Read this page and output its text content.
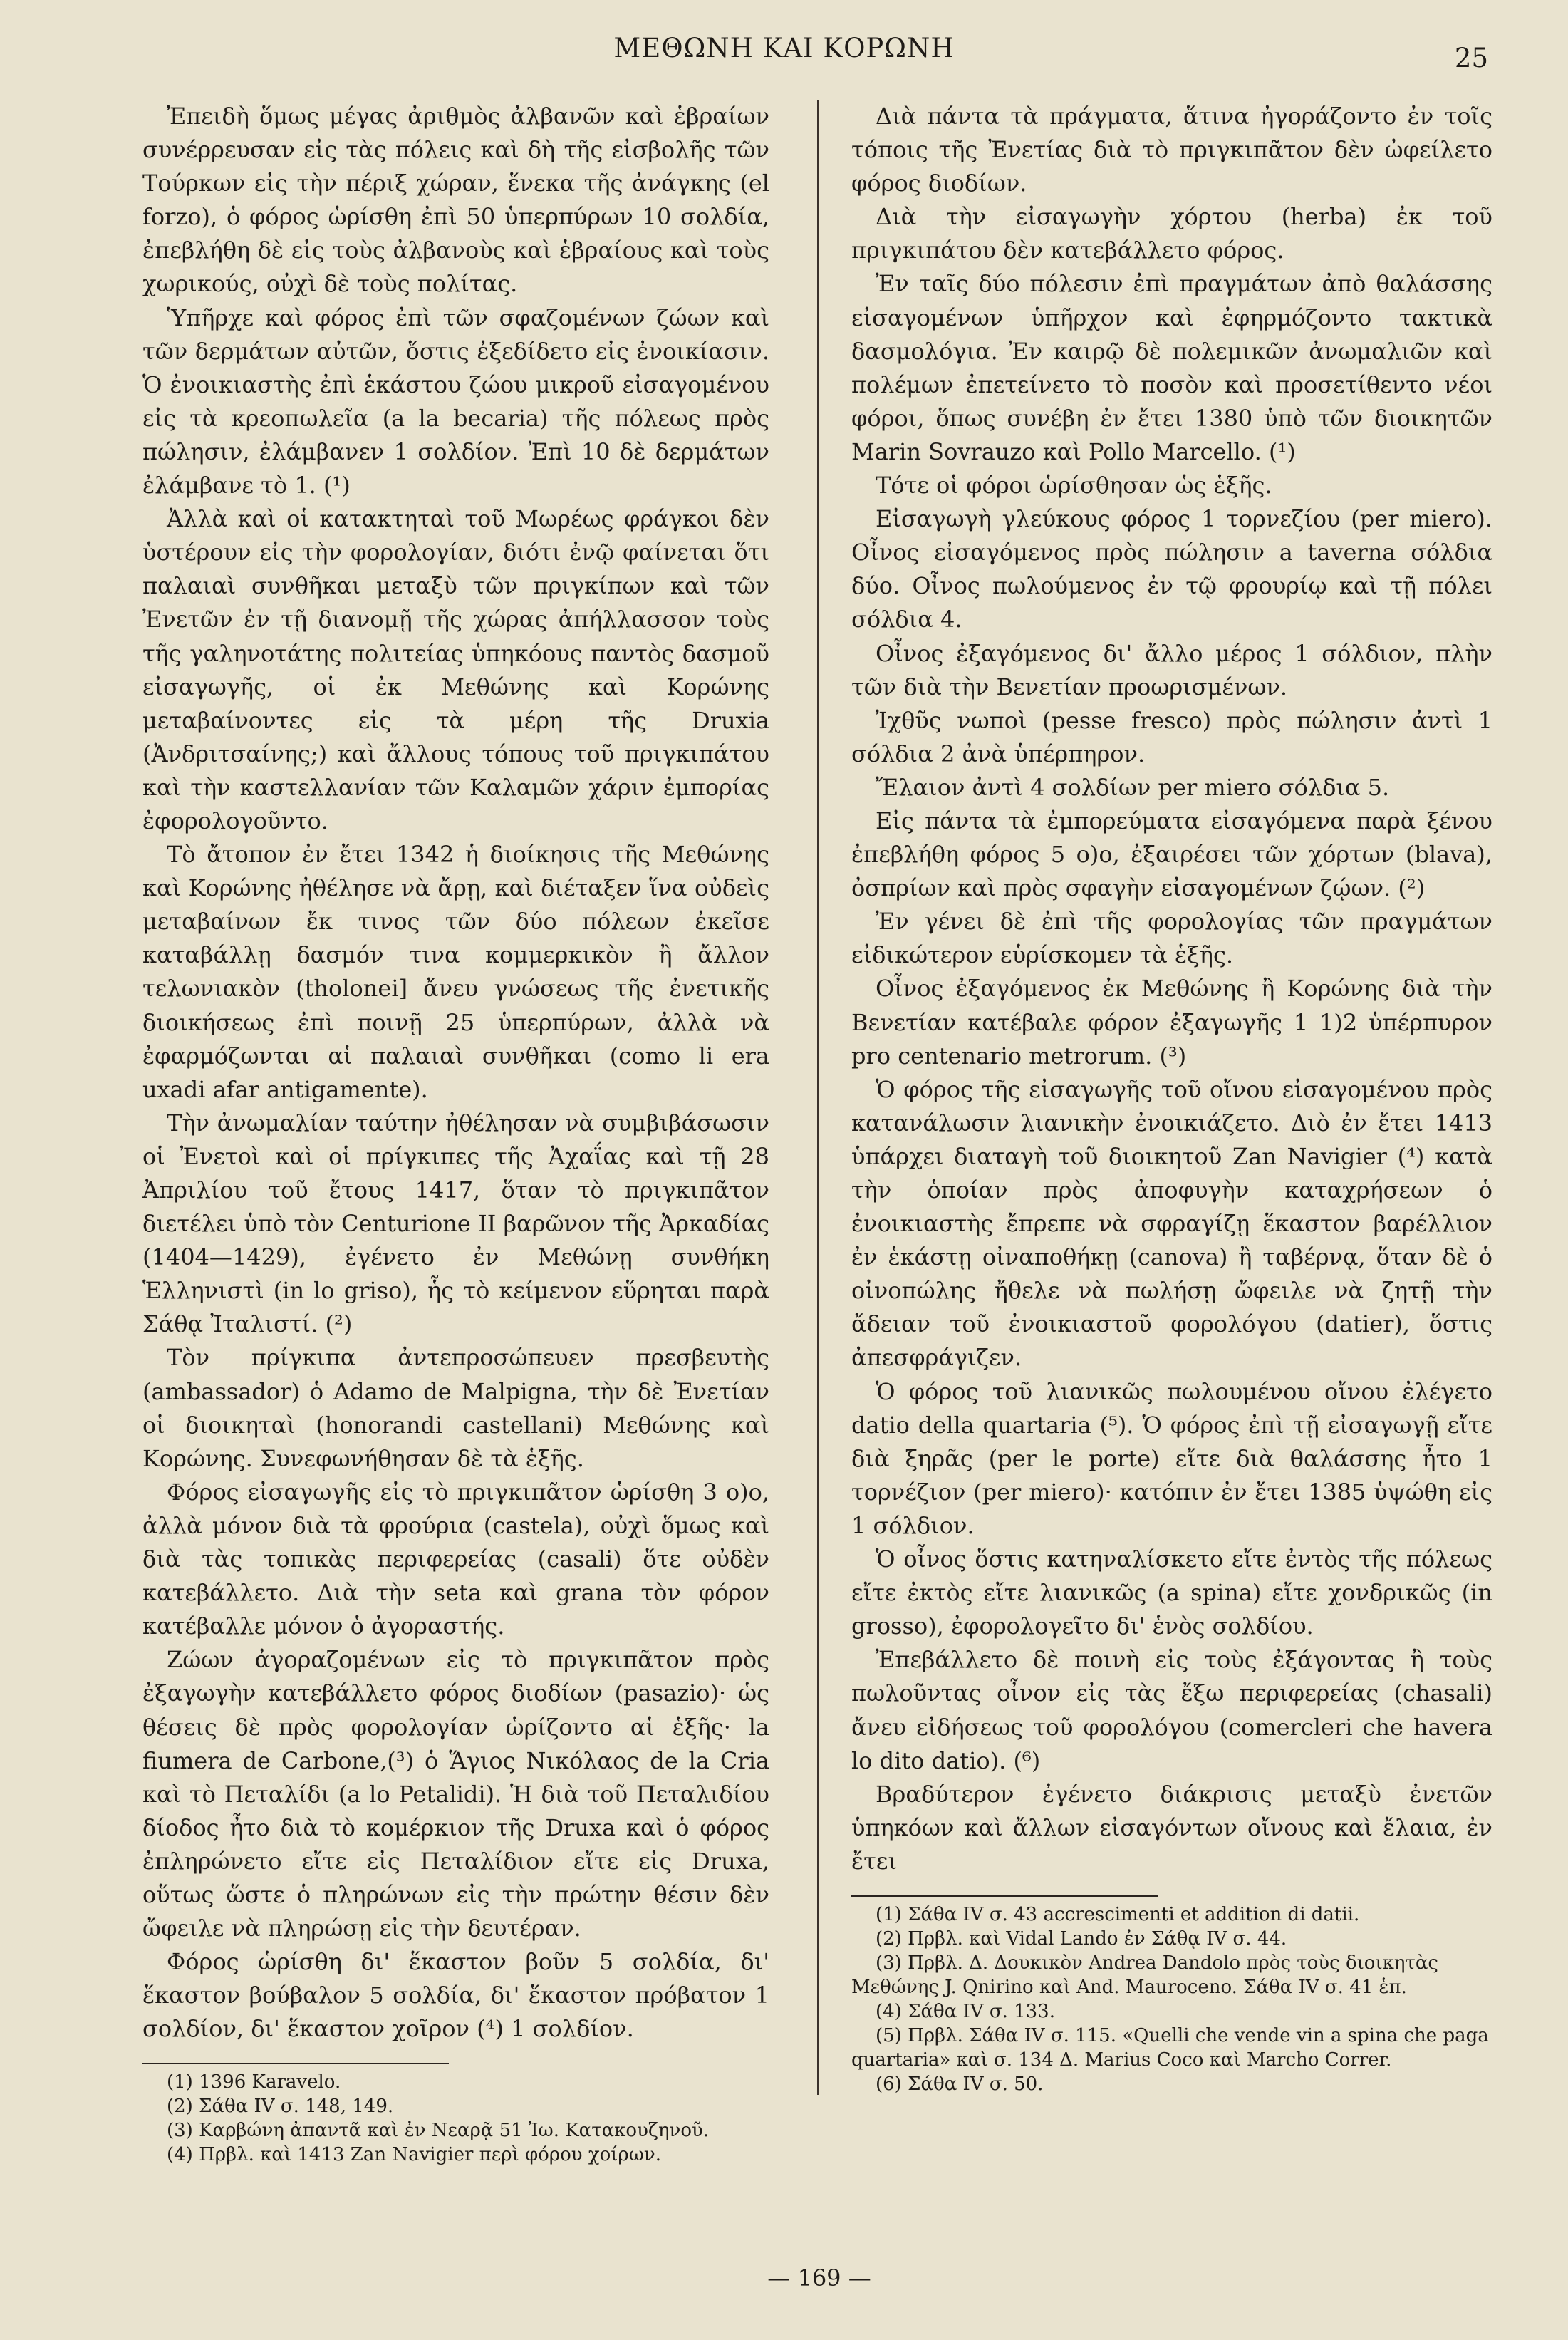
ΜΕΘΩΝΗ ΚΑΙ ΚΟΡΩΝΗ	25

Ἐπειδὴ ὅμως μέγας ἀριθμὸς ἀλβανῶν καὶ ἑβραίων συνέρρευσαν εἰς τὰς πόλεις καὶ δὴ τῆς εἰσβολῆς τῶν Τούρκων εἰς τὴν πέριξ χώραν, ἕνεκα τῆς ἀνάγκης (el forzo), ὁ φόρος ὡρίσθη ἐπὶ 50 ὑπερπύρων 10 σολδία, ἐπεβλήθη δὲ εἰς τοὺς ἀλβανοὺς καὶ ἑβραίους καὶ τοὺς χωρικούς, οὐχὶ δὲ τοὺς πολίτας.

Ὑπῆρχε καὶ φόρος ἐπὶ τῶν σφαζομένων ζώων καὶ τῶν δερμάτων αὐτῶν, ὅστις ἐξεδίδετο εἰς ἐνοικίασιν. Ὁ ἐνοικιαστὴς ἐπὶ ἑκάστου ζώου μικροῦ εἰσαγομένου εἰς τὰ κρεοπωλεῖα (a la becaria) τῆς πόλεως πρὸς πώλησιν, ἐλάμβανεν 1 σολδίον. Ἐπὶ 10 δὲ δερμάτων ἐλάμβανε τὸ 1. (¹)

Ἀλλὰ καὶ οἱ κατακτηταὶ τοῦ Μωρέως φράγκοι δὲν ὑστέρουν εἰς τὴν φορολογίαν, διότι ἐνῷ φαίνεται ὅτι παλαιαὶ συνθῆκαι μεταξὺ τῶν πριγκίπων καὶ τῶν Ἐνετῶν ἐν τῇ διανομῇ τῆς χώρας ἀπήλλασσον τοὺς τῆς γαληνοτάτης πολιτείας ὑπηκόους παντὸς δασμοῦ εἰσαγωγῆς, οἱ ἐκ Μεθώνης καὶ Κορώνης μεταβαίνοντες εἰς τὰ μέρη τῆς Druxia (Ἀνδριτσαίνης;) καὶ ἄλλους τόπους τοῦ πριγκιπάτου καὶ τὴν καστελλανίαν τῶν Καλαμῶν χάριν ἐμπορίας ἐφορολογοῦντο.

Τὸ ἄτοπον ἐν ἔτει 1342 ἡ διοίκησις τῆς Μεθώνης καὶ Κορώνης ἠθέλησε νὰ ἄρῃ, καὶ διέταξεν ἵνα οὐδεὶς μεταβαίνων ἔκ τινος τῶν δύο πόλεων ἐκεῖσε καταβάλλῃ δασμόν τινα κομμερκικὸν ἢ ἄλλον τελωνιακὸν (tholonei] ἄνευ γνώσεως τῆς ἐνετικῆς διοικήσεως ἐπὶ ποινῇ 25 ὑπερπύρων, ἀλλὰ νὰ ἐφαρμόζωνται αἱ παλαιαὶ συνθῆκαι (como li era uxadi afar antigamente).

Τὴν ἀνωμαλίαν ταύτην ἠθέλησαν νὰ συμβιβάσωσιν οἱ Ἐνετοὶ καὶ οἱ πρίγκιπες τῆς Ἀχαΐας καὶ τῇ 28 Ἀπριλίου τοῦ ἔτους 1417, ὅταν τὸ πριγκιπᾶτον διετέλει ὑπὸ τὸν Centurione II βαρῶνον τῆς Ἀρκαδίας (1404—1429), ἐγένετο ἐν Μεθώνῃ συνθήκη Ἑλληνιστὶ (in lo griso), ἧς τὸ κείμενον εὕρηται παρὰ Σάθᾳ Ἰταλιστί. (²)

Τὸν πρίγκιπα ἀντεπροσώπευεν πρεσβευτὴς (ambassador) ὁ Adamo de Malpigna, τὴν δὲ Ἐνετίαν οἱ διοικηταὶ (honorandi castellani) Μεθώνης καὶ Κορώνης. Συνεφωνήθησαν δὲ τὰ ἑξῆς.

Φόρος εἰσαγωγῆς εἰς τὸ πριγκιπᾶτον ὡρίσθη 3 ο)ο, ἀλλὰ μόνον διὰ τὰ φρούρια (castela), οὐχὶ ὅμως καὶ διὰ τὰς τοπικὰς περιφερείας (casali) ὅτε οὐδὲν κατεβάλλετο. Διὰ τὴν seta καὶ grana τὸν φόρον κατέβαλλε μόνον ὁ ἀγοραστής.

Ζώων ἀγοραζομένων εἰς τὸ πριγκιπᾶτον πρὸς ἐξαγωγὴν κατεβάλλετο φόρος διοδίων (pasazio)· ὡς θέσεις δὲ πρὸς φορολογίαν ὡρίζοντο αἱ ἑξῆς· la fiumera de Carbone,(³) ὁ Ἅγιος Νικόλαος de la Cria καὶ τὸ Πεταλίδι (a lo Petalidi). Ἡ διὰ τοῦ Πεταλιδίου δίοδος ἦτο διὰ τὸ κομέρκιον τῆς Druxa καὶ ὁ φόρος ἐπληρώνετο εἴτε εἰς Πεταλίδιον εἴτε εἰς Druxa, οὕτως ὥστε ὁ πληρώνων εἰς τὴν πρώτην θέσιν δὲν ὤφειλε νὰ πληρώσῃ εἰς τὴν δευτέραν.

Φόρος ὡρίσθη δι' ἕκαστον βοῦν 5 σολδία, δι' ἕκαστον βούβαλον 5 σολδία, δι' ἕκαστον πρόβατον 1 σολδίον, δι' ἕκαστον χοῖρον (⁴) 1 σολδίον.

(1) 1396 Karavelo.

(2) Σάθα IV σ. 148, 149.

(3) Καρβώνη ἀπαντᾶ καὶ ἐν Νεαρᾷ 51 Ἰω. Κατακουζηνοῦ.

(4) Πρβλ. καὶ 1413 Zan Navigier περὶ φόρου χοίρων.

Διὰ πάντα τὰ πράγματα, ἅτινα ἠγοράζοντο ἐν τοῖς τόποις τῆς Ἐνετίας διὰ τὸ πριγκιπᾶτον δὲν ὠφείλετο φόρος διοδίων.

Διὰ τὴν εἰσαγωγὴν χόρτου (herba) ἐκ τοῦ πριγκιπάτου δὲν κατεβάλλετο φόρος.

Ἐν ταῖς δύο πόλεσιν ἐπὶ πραγμάτων ἀπὸ θαλάσσης εἰσαγομένων ὑπῆρχον καὶ ἐφηρμόζοντο τακτικὰ δασμολόγια. Ἐν καιρῷ δὲ πολεμικῶν ἀνωμαλιῶν καὶ πολέμων ἐπετείνετο τὸ ποσὸν καὶ προσετίθεντο νέοι φόροι, ὅπως συνέβη ἐν ἔτει 1380 ὑπὸ τῶν διοικητῶν Marin Sovrauzo καὶ Pollo Marcello. (¹)

Τότε οἱ φόροι ὡρίσθησαν ὡς ἑξῆς.

Εἰσαγωγὴ γλεύκους φόρος 1 τορνεζίου (per miero). Οἶνος εἰσαγόμενος πρὸς πώλησιν a taverna σόλδια δύο. Οἶνος πωλούμενος ἐν τῷ φρουρίῳ καὶ τῇ πόλει σόλδια 4.

Οἶνος ἐξαγόμενος δι' ἄλλο μέρος 1 σόλδιον, πλὴν τῶν διὰ τὴν Βενετίαν προωρισμένων.

Ἰχθῦς νωποὶ (pesse fresco) πρὸς πώλησιν ἀντὶ 1 σόλδια 2 ἀνὰ ὑπέρπηρον.

Ἔλαιον ἀντὶ 4 σολδίων per miero σόλδια 5.

Εἰς πάντα τὰ ἐμπορεύματα εἰσαγόμενα παρὰ ξένου ἐπεβλήθη φόρος 5 ο)ο, ἐξαιρέσει τῶν χόρτων (blava), ὀσπρίων καὶ πρὸς σφαγὴν εἰσαγομένων ζῴων. (²)

Ἐν γένει δὲ ἐπὶ τῆς φορολογίας τῶν πραγμάτων εἰδικώτερον εὑρίσκομεν τὰ ἑξῆς.

Οἶνος ἐξαγόμενος ἐκ Μεθώνης ἢ Κορώνης διὰ τὴν Βενετίαν κατέβαλε φόρον ἐξαγωγῆς 1 1)2 ὑπέρπυρον pro centenario metrorum. (³)

Ὁ φόρος τῆς εἰσαγωγῆς τοῦ οἴνου εἰσαγομένου πρὸς κατανάλωσιν λιανικὴν ἐνοικιάζετο. Διὸ ἐν ἔτει 1413 ὑπάρχει διαταγὴ τοῦ διοικητοῦ Zan Navigier (⁴) κατὰ τὴν ὁποίαν πρὸς ἀποφυγὴν καταχρήσεων ὁ ἐνοικιαστὴς ἔπρεπε νὰ σφραγίζῃ ἕκαστον βαρέλλιον ἐν ἑκάστῃ οἰναποθήκῃ (canova) ἢ ταβέρνᾳ, ὅταν δὲ ὁ οἰνοπώλης ἤθελε νὰ πωλήσῃ ὤφειλε νὰ ζητῇ τὴν ἄδειαν τοῦ ἐνοικιαστοῦ φορολόγου (datier), ὅστις ἀπεσφράγιζεν.

Ὁ φόρος τοῦ λιανικῶς πωλουμένου οἴνου ἐλέγετο datio della quartaria (⁵). Ὁ φόρος ἐπὶ τῇ εἰσαγωγῇ εἴτε διὰ ξηρᾶς (per le porte) εἴτε διὰ θαλάσσης ἦτο 1 τορνέζιον (per miero)· κατόπιν ἐν ἔτει 1385 ὑψώθη εἰς 1 σόλδιον.

Ὁ οἶνος ὅστις κατηναλίσκετο εἴτε ἐντὸς τῆς πόλεως εἴτε ἐκτὸς εἴτε λιανικῶς (a spina) εἴτε χονδρικῶς (in grosso), ἐφορολογεῖτο δι' ἑνὸς σολδίου.

Ἐπεβάλλετο δὲ ποινὴ εἰς τοὺς ἐξάγοντας ἢ τοὺς πωλοῦντας οἶνον εἰς τὰς ἔξω περιφερείας (chasali) ἄνευ εἰδήσεως τοῦ φορολόγου (comercleri che havera lo dito datio). (⁶)

Βραδύτερον ἐγένετο διάκρισις μεταξὺ ἐνετῶν ὑπηκόων καὶ ἄλλων εἰσαγόντων οἴνους καὶ ἔλαια, ἐν ἔτει

(1) Σάθα IV σ. 43 accrescimenti et addition di datii.

(2) Πρβλ. καὶ Vidal Lando ἐν Σάθᾳ IV σ. 44.

(3) Πρβλ. Δ. Δουκικὸν Andrea Dandolo πρὸς τοὺς διοικητὰς Μεθώνης J. Qnirino καὶ And. Mauroceno. Σάθα IV σ. 41 ἑπ.

(4) Σάθα IV σ. 133.

(5) Πρβλ. Σάθα IV σ. 115. «Quelli che vende vin a spina che paga quartaria» καὶ σ. 134 Δ. Marius Coco καὶ Marcho Correr.

(6) Σάθα IV σ. 50.

— 169 —
